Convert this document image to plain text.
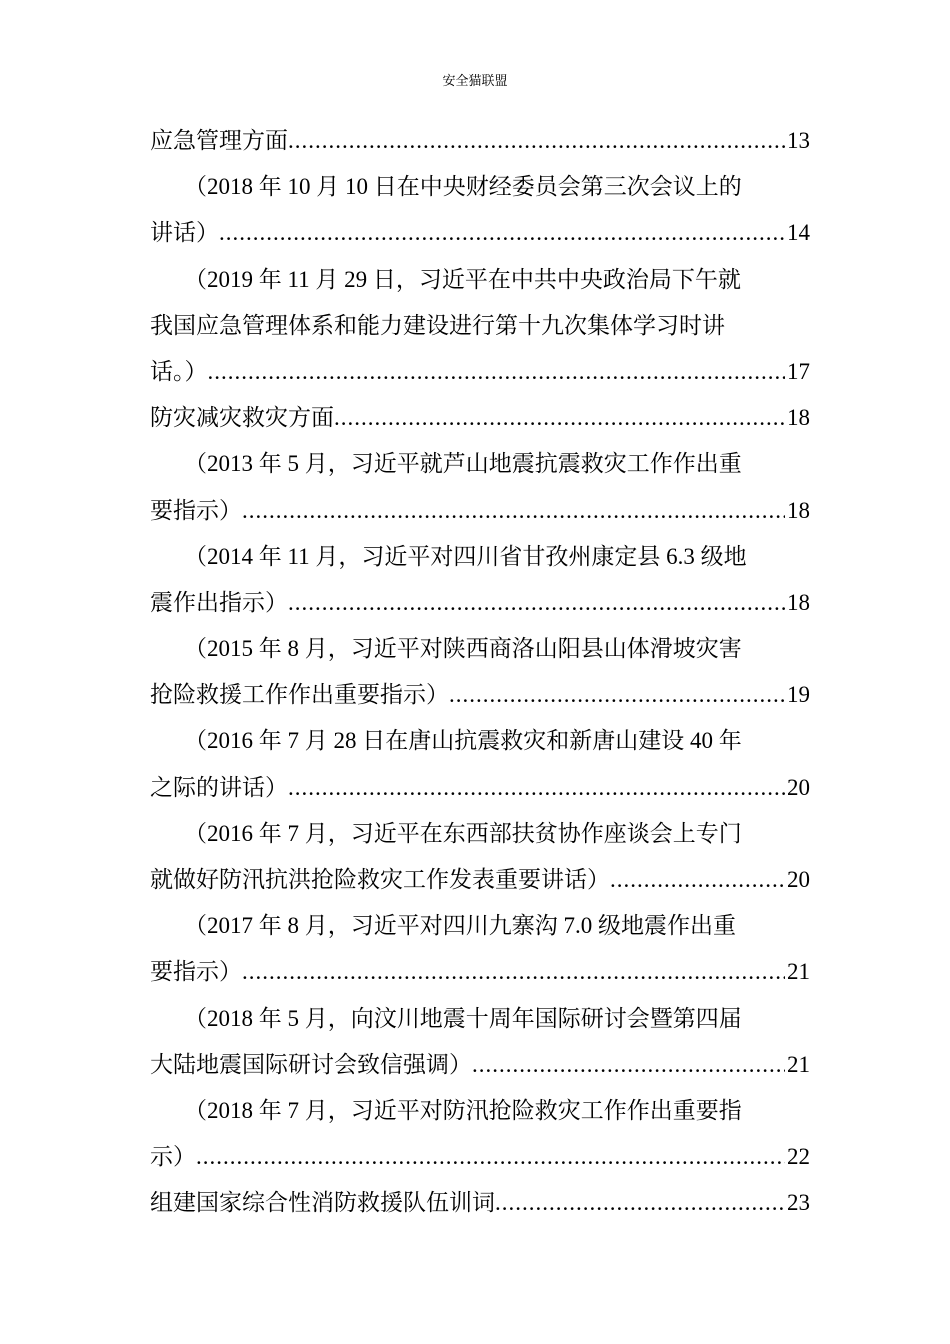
安全猫联盟
应急管理方面 .....	13
（2018 年 10 月 10 日在中央财经委员会第三次会议上的
讲话） .....	14
（2019 年 11 月 29 日，习近平在中共中央政治局下午就
我国应急管理体系和能力建设进行第十九次集体学习时讲
话。） .....	17
防灾减灾救灾方面 .....	18
（2013 年 5 月，习近平就芦山地震抗震救灾工作作出重
要指示） .....	18
（2014 年 11 月，习近平对四川省甘孜州康定县 6.3 级地
震作出指示） .....	18
（2015 年 8 月，习近平对陕西商洛山阳县山体滑坡灾害
抢险救援工作作出重要指示） .....	19
（2016 年 7 月 28 日在唐山抗震救灾和新唐山建设 40 年
之际的讲话） .....	20
（2016 年 7 月，习近平在东西部扶贫协作座谈会上专门
就做好防汛抗洪抢险救灾工作发表重要讲话） .....	20
（2017 年 8 月，习近平对四川九寨沟 7.0 级地震作出重
要指示） .....	21
（2018 年 5 月，向汶川地震十周年国际研讨会暨第四届
大陆地震国际研讨会致信强调） .....	21
（2018 年 7 月，习近平对防汛抢险救灾工作作出重要指
示） .....	22
组建国家综合性消防救援队伍训词 .....	23
